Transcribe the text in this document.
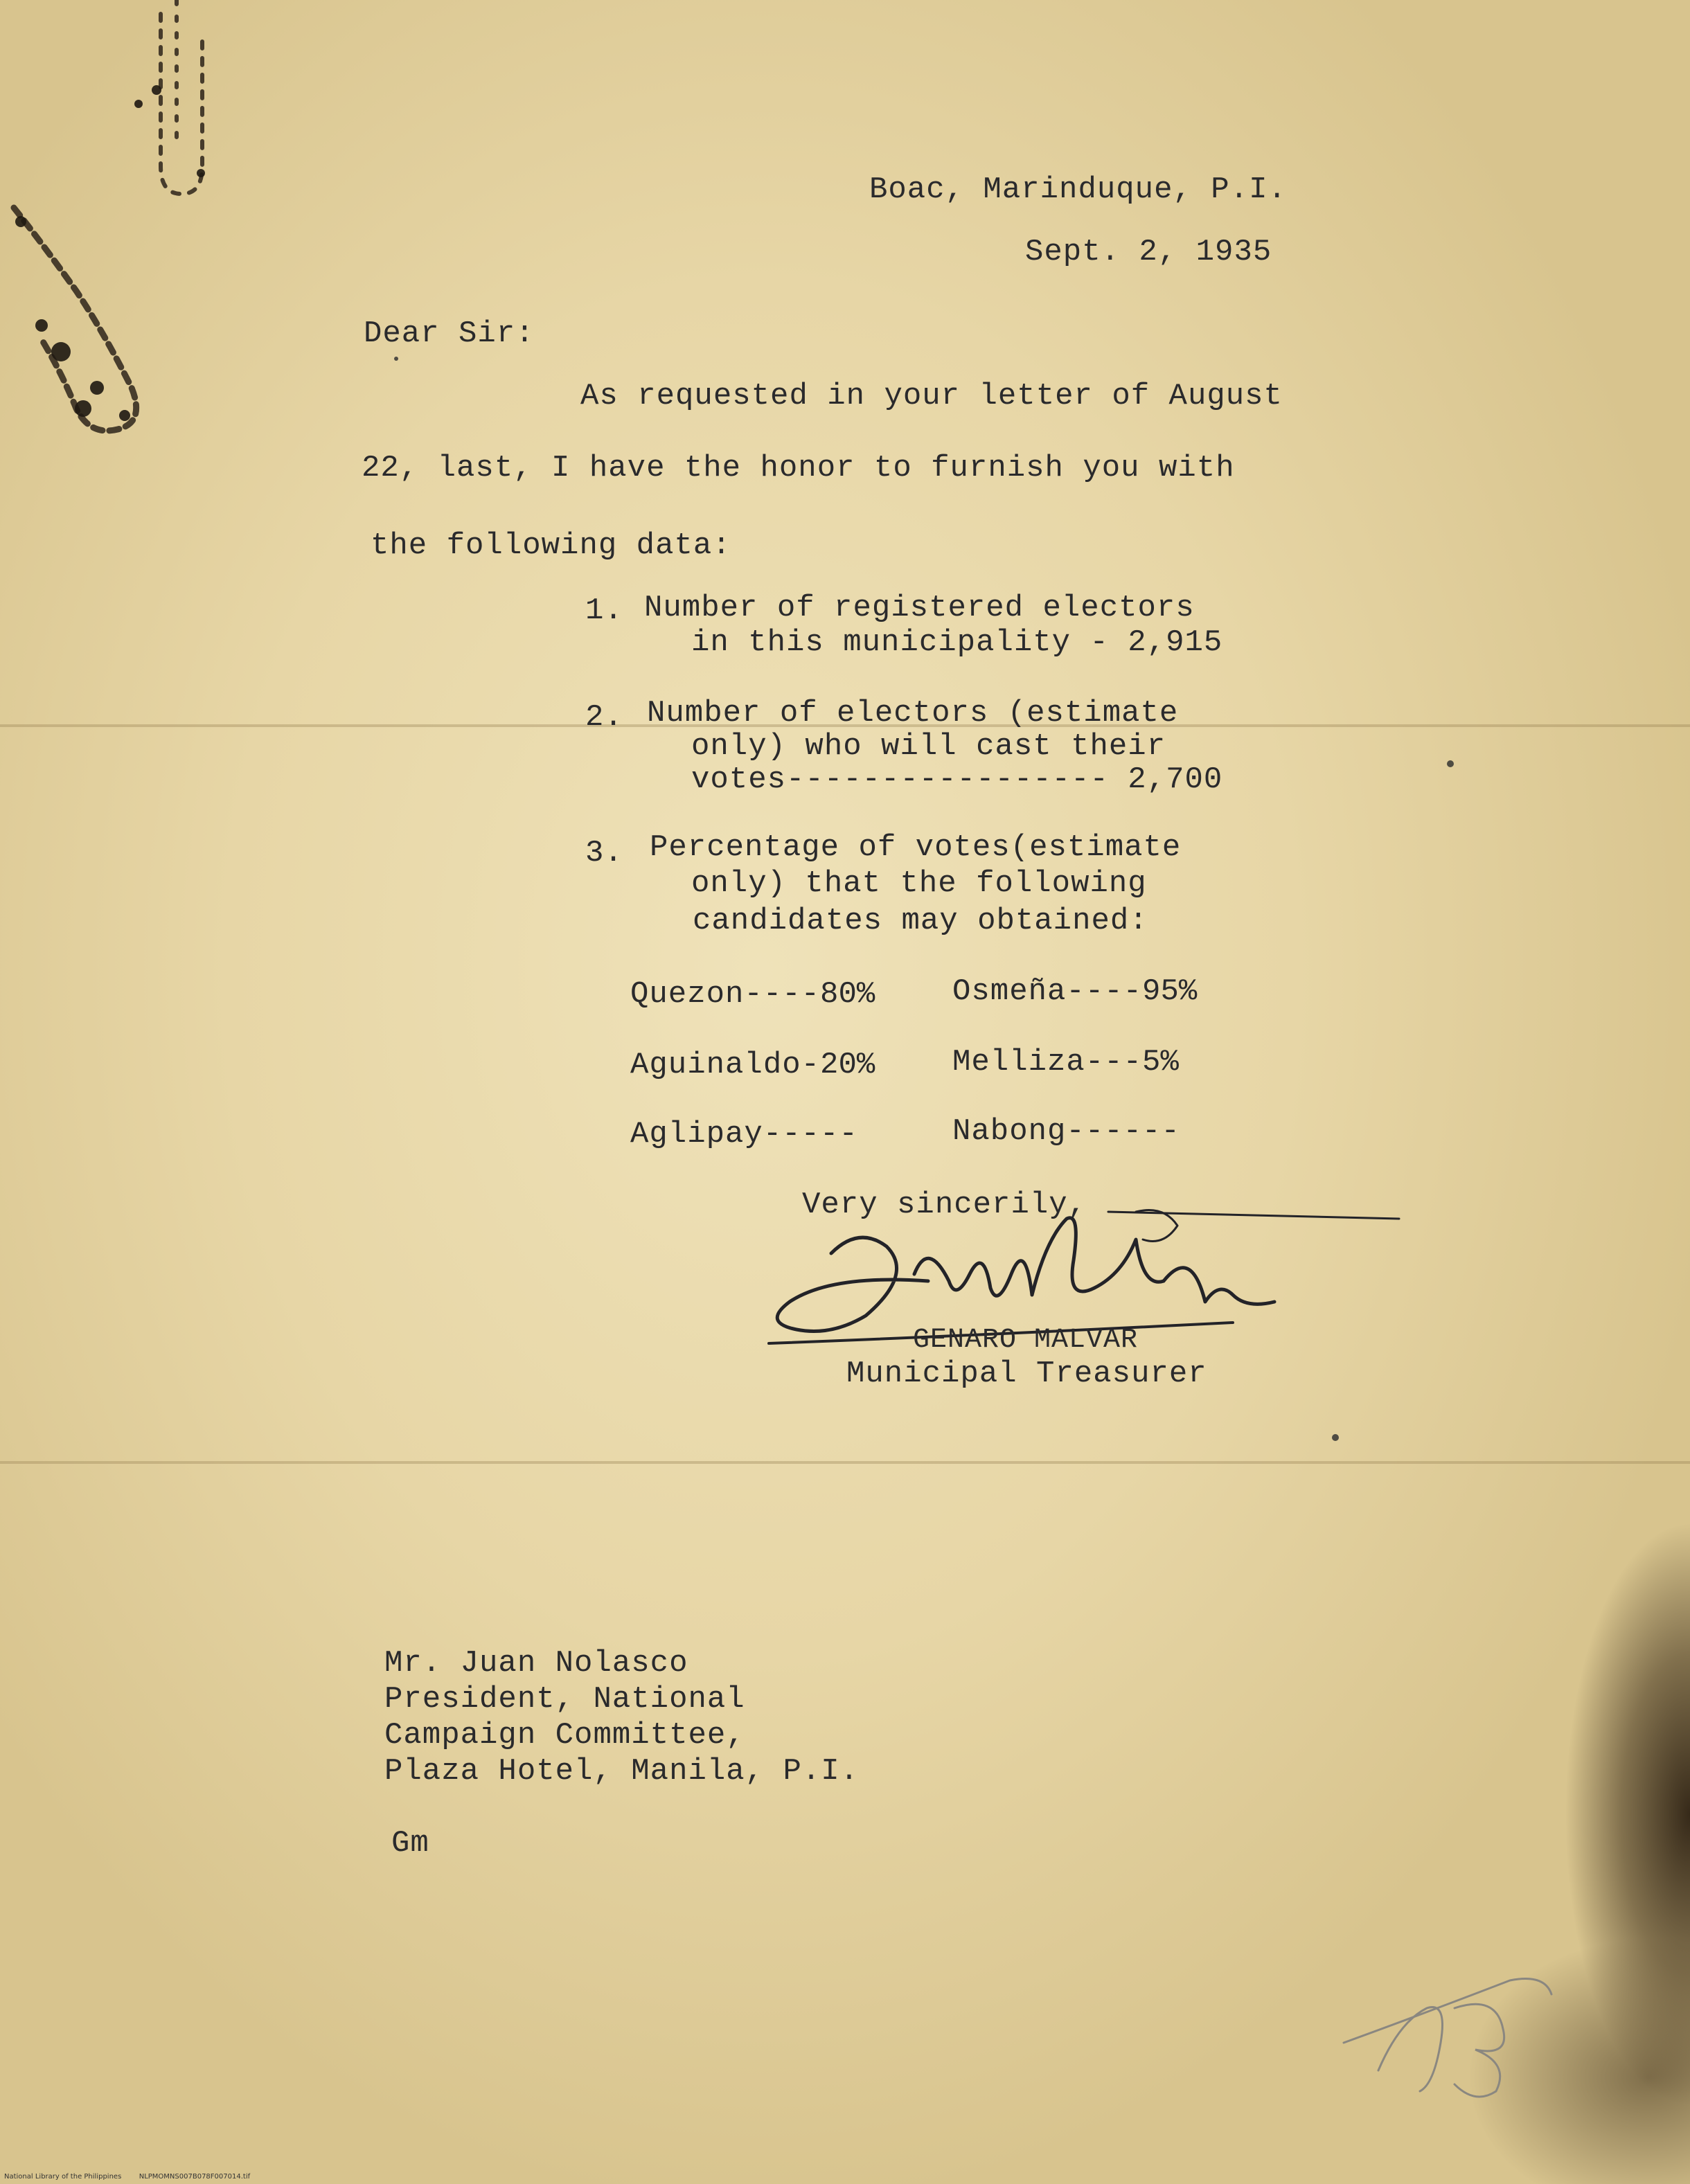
Boac, Marinduque, P.I.
Sept. 2, 1935
Dear Sir:
As requested in your letter of August
22, last, I have the honor to furnish you with
the following data:
1. Number of registered electors
in this municipality - 2,915
2. Number of electors (estimate
only) who will cast their
votes----------------- 2,700
3. Percentage of votes(estimate
only) that the following
candidates may obtained:
Quezon----80%	Osmeña----95%
Aguinaldo-20%	Melliza---5%
Aglipay-----	Nabong------
Very sincerily,
GENARO MALVAR
Municipal Treasurer
Mr. Juan Nolasco
President, National
Campaign Committee,
Plaza Hotel, Manila, P.I.
Gm
National Library of the Philippines	NLPMOMNS007B078F007014.tif
